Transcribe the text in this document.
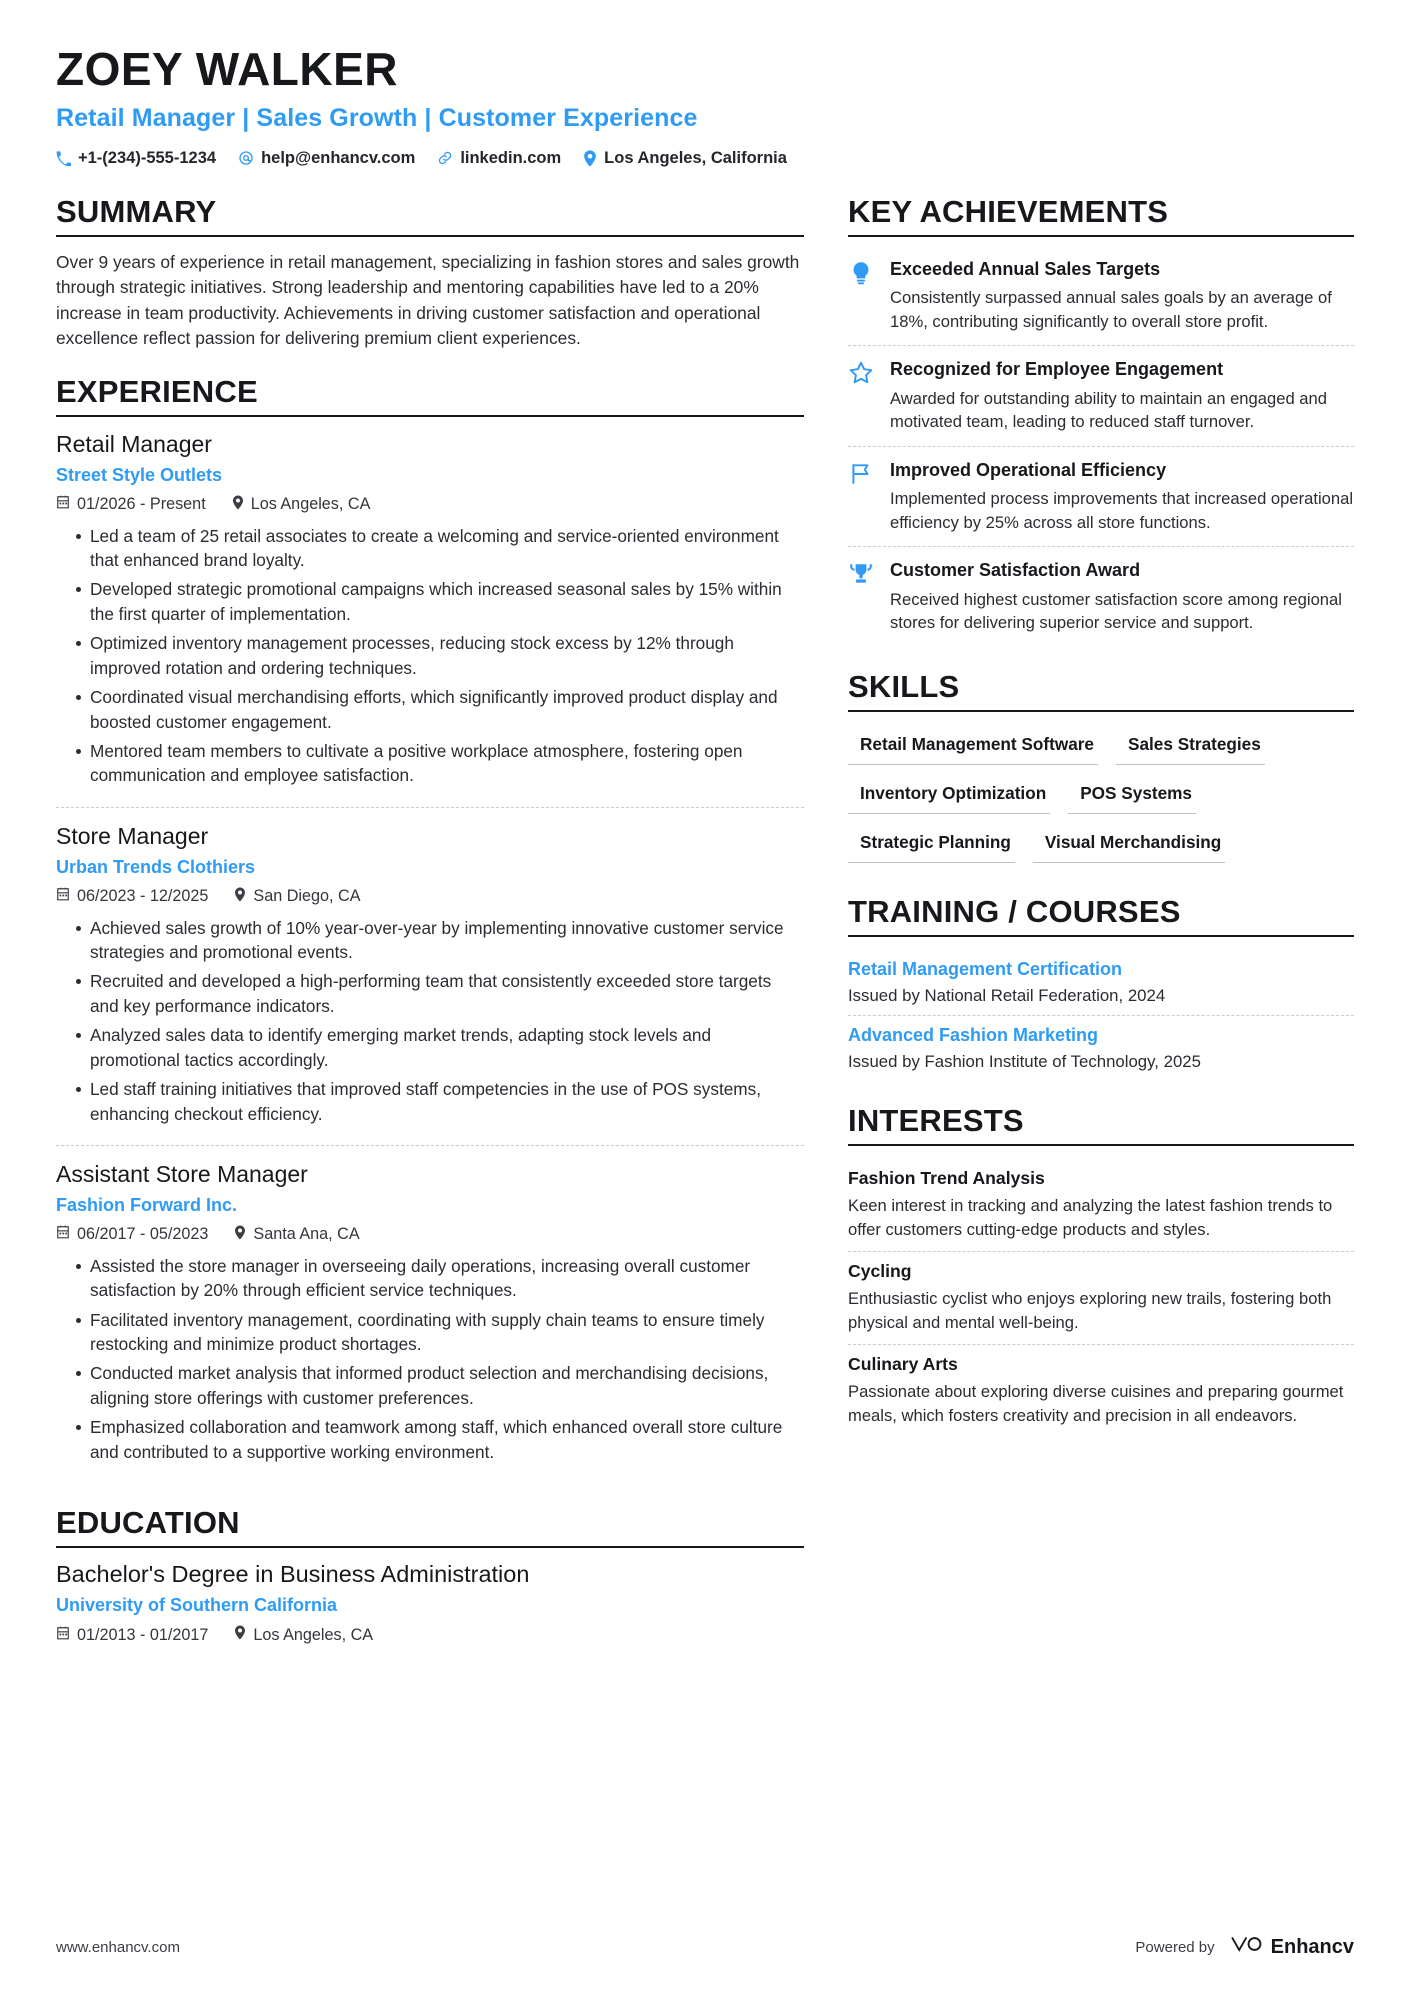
ZOEY WALKER
Retail Manager | Sales Growth | Customer Experience
+1-(234)-555-1234	help@enhancv.com	linkedin.com	Los Angeles, California
SUMMARY
Over 9 years of experience in retail management, specializing in fashion stores and sales growth through strategic initiatives. Strong leadership and mentoring capabilities have led to a 20% increase in team productivity. Achievements in driving customer satisfaction and operational excellence reflect passion for delivering premium client experiences.
EXPERIENCE
Retail Manager
Street Style Outlets
01/2026 - Present	Los Angeles, CA
Led a team of 25 retail associates to create a welcoming and service-oriented environment that enhanced brand loyalty.
Developed strategic promotional campaigns which increased seasonal sales by 15% within the first quarter of implementation.
Optimized inventory management processes, reducing stock excess by 12% through improved rotation and ordering techniques.
Coordinated visual merchandising efforts, which significantly improved product display and boosted customer engagement.
Mentored team members to cultivate a positive workplace atmosphere, fostering open communication and employee satisfaction.
Store Manager
Urban Trends Clothiers
06/2023 - 12/2025	San Diego, CA
Achieved sales growth of 10% year-over-year by implementing innovative customer service strategies and promotional events.
Recruited and developed a high-performing team that consistently exceeded store targets and key performance indicators.
Analyzed sales data to identify emerging market trends, adapting stock levels and promotional tactics accordingly.
Led staff training initiatives that improved staff competencies in the use of POS systems, enhancing checkout efficiency.
Assistant Store Manager
Fashion Forward Inc.
06/2017 - 05/2023	Santa Ana, CA
Assisted the store manager in overseeing daily operations, increasing overall customer satisfaction by 20% through efficient service techniques.
Facilitated inventory management, coordinating with supply chain teams to ensure timely restocking and minimize product shortages.
Conducted market analysis that informed product selection and merchandising decisions, aligning store offerings with customer preferences.
Emphasized collaboration and teamwork among staff, which enhanced overall store culture and contributed to a supportive working environment.
EDUCATION
Bachelor's Degree in Business Administration
University of Southern California
01/2013 - 01/2017	Los Angeles, CA
KEY ACHIEVEMENTS
Exceeded Annual Sales Targets
Consistently surpassed annual sales goals by an average of 18%, contributing significantly to overall store profit.
Recognized for Employee Engagement
Awarded for outstanding ability to maintain an engaged and motivated team, leading to reduced staff turnover.
Improved Operational Efficiency
Implemented process improvements that increased operational efficiency by 25% across all store functions.
Customer Satisfaction Award
Received highest customer satisfaction score among regional stores for delivering superior service and support.
SKILLS
Retail Management Software	Sales Strategies
Inventory Optimization	POS Systems
Strategic Planning	Visual Merchandising
TRAINING / COURSES
Retail Management Certification
Issued by National Retail Federation, 2024
Advanced Fashion Marketing
Issued by Fashion Institute of Technology, 2025
INTERESTS
Fashion Trend Analysis
Keen interest in tracking and analyzing the latest fashion trends to offer customers cutting-edge products and styles.
Cycling
Enthusiastic cyclist who enjoys exploring new trails, fostering both physical and mental well-being.
Culinary Arts
Passionate about exploring diverse cuisines and preparing gourmet meals, which fosters creativity and precision in all endeavors.
www.enhancv.com	Powered by	Enhancv
